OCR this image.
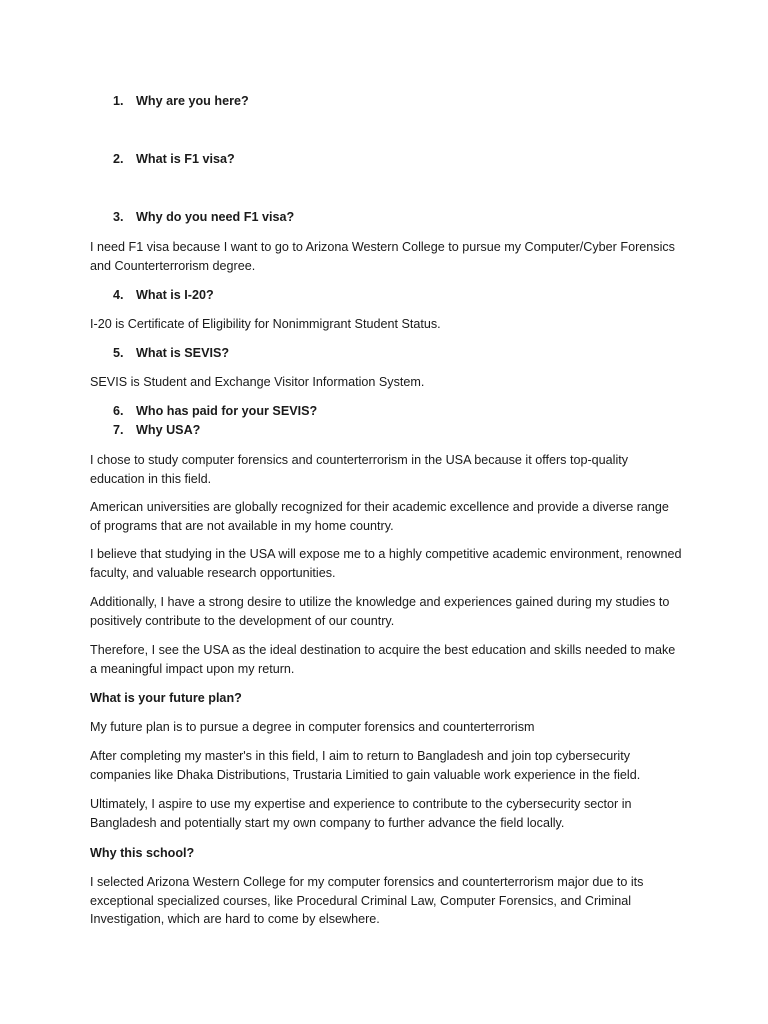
1. Why are you here?
2. What is F1 visa?
3. Why do you need F1 visa?
I need F1 visa because I want to go to Arizona Western College to pursue my Computer/Cyber Forensics and Counterterrorism degree.
4. What is I-20?
I-20 is Certificate of Eligibility for Nonimmigrant Student Status.
5. What is SEVIS?
SEVIS is Student and Exchange Visitor Information System.
6. Who has paid for your SEVIS?
7. Why USA?
I chose to study computer forensics and counterterrorism in the USA because it offers top-quality education in this field.
American universities are globally recognized for their academic excellence and provide a diverse range of programs that are not available in my home country.
I believe that studying in the USA will expose me to a highly competitive academic environment, renowned faculty, and valuable research opportunities.
Additionally, I have a strong desire to utilize the knowledge and experiences gained during my studies to positively contribute to the development of our country.
Therefore, I see the USA as the ideal destination to acquire the best education and skills needed to make a meaningful impact upon my return.
What is your future plan?
My future plan is to pursue a degree in computer forensics and counterterrorism
After completing my master's in this field, I aim to return to Bangladesh and join top cybersecurity companies like Dhaka Distributions, Trustaria Limitied to gain valuable work experience in the field.
Ultimately, I aspire to use my expertise and experience to contribute to the cybersecurity sector in Bangladesh and potentially start my own company to further advance the field locally.
Why this school?
I selected Arizona Western College for my computer forensics and counterterrorism major due to its exceptional specialized courses, like Procedural Criminal Law, Computer Forensics, and Criminal Investigation, which are hard to come by elsewhere.
